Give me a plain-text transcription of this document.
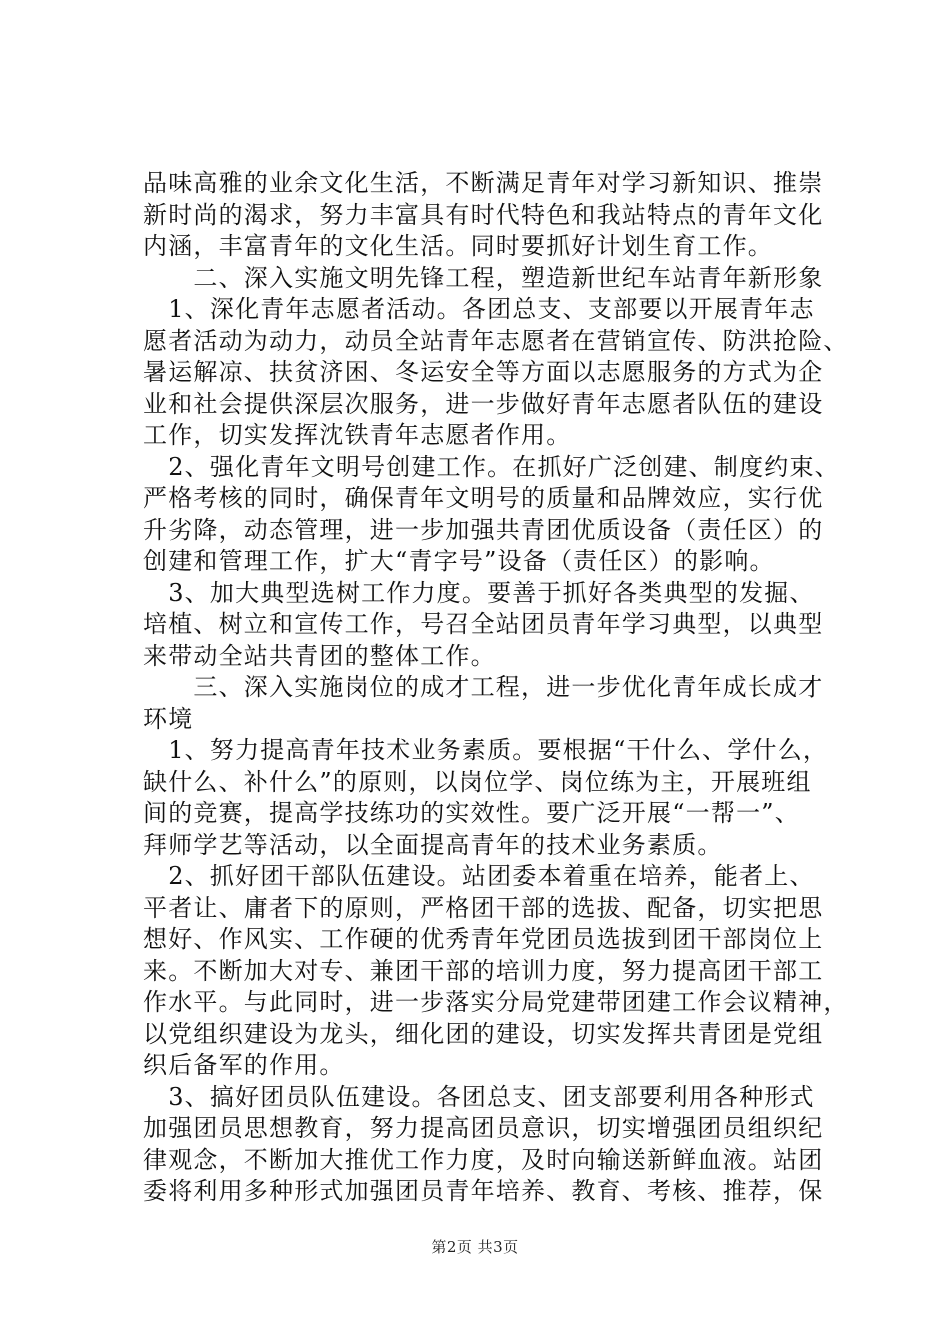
品味高雅的业余文化生活，不断满足青年对学习新知识、推崇
新时尚的渴求，努力丰富具有时代特色和我站特点的青年文化
内涵，丰富青年的文化生活。同时要抓好计划生育工作。
　　二、深入实施文明先锋工程，塑造新世纪车站青年新形象
　1、深化青年志愿者活动。各团总支、支部要以开展青年志
愿者活动为动力，动员全站青年志愿者在营销宣传、防洪抢险、
暑运解凉、扶贫济困、冬运安全等方面以志愿服务的方式为企
业和社会提供深层次服务，进一步做好青年志愿者队伍的建设
工作，切实发挥沈铁青年志愿者作用。
　2、强化青年文明号创建工作。在抓好广泛创建、制度约束、
严格考核的同时，确保青年文明号的质量和品牌效应，实行优
升劣降，动态管理，进一步加强共青团优质设备（责任区）的
创建和管理工作，扩大“青字号”设备（责任区）的影响。
　3、加大典型选树工作力度。要善于抓好各类典型的发掘、
培植、树立和宣传工作，号召全站团员青年学习典型，以典型
来带动全站共青团的整体工作。
　　三、深入实施岗位的成才工程，进一步优化青年成长成才
环境
　1、努力提高青年技术业务素质。要根据“干什么、学什么，
缺什么、补什么”的原则，以岗位学、岗位练为主，开展班组
间的竞赛，提高学技练功的实效性。要广泛开展“一帮一”、
拜师学艺等活动，以全面提高青年的技术业务素质。
　2、抓好团干部队伍建设。站团委本着重在培养，能者上、
平者让、庸者下的原则，严格团干部的选拔、配备，切实把思
想好、作风实、工作硬的优秀青年党团员选拔到团干部岗位上
来。不断加大对专、兼团干部的培训力度，努力提高团干部工
作水平。与此同时，进一步落实分局党建带团建工作会议精神，
以党组织建设为龙头，细化团的建设，切实发挥共青团是党组
织后备军的作用。
　3、搞好团员队伍建设。各团总支、团支部要利用各种形式
加强团员思想教育，努力提高团员意识，切实增强团员组织纪
律观念，不断加大推优工作力度，及时向输送新鲜血液。站团
委将利用多种形式加强团员青年培养、教育、考核、推荐，保
第2页 共3页
